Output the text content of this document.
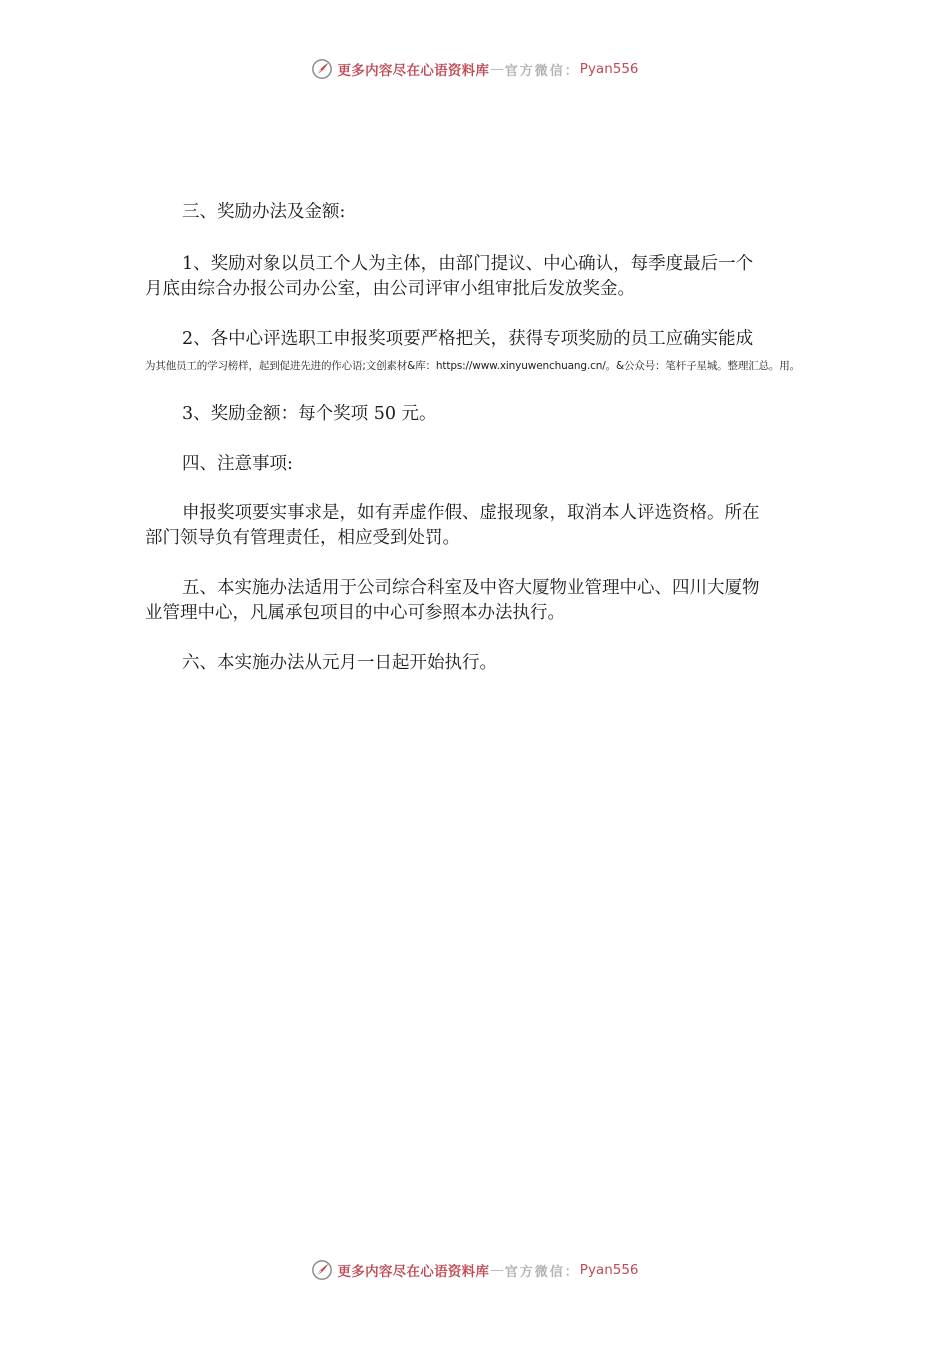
更多内容尽在心语资料库 — 官方微信： Pyan556
三、奖励办法及金额:
1、奖励对象以员工个人为主体，由部门提议、中心确认，每季度最后一个
月底由综合办报公司办公室，由公司评审小组审批后发放奖金。
2、各中心评选职工申报奖项要严格把关，获得专项奖励的员工应确实能成
为其他员工的学习榜样，起到促进先进的作心语;文创素材&库：https://www.xinyuwenchuang.cn/。&公众号：笔杆子星城。整理汇总。用。
3、奖励金额：每个奖项 50 元。
四、注意事项:
申报奖项要实事求是，如有弄虚作假、虚报现象，取消本人评选资格。所在
部门领导负有管理责任，相应受到处罚。
五、本实施办法适用于公司综合科室及中咨大厦物业管理中心、四川大厦物
业管理中心，凡属承包项目的中心可参照本办法执行。
六、本实施办法从元月一日起开始执行。
更多内容尽在心语资料库 — 官方微信： Pyan556
